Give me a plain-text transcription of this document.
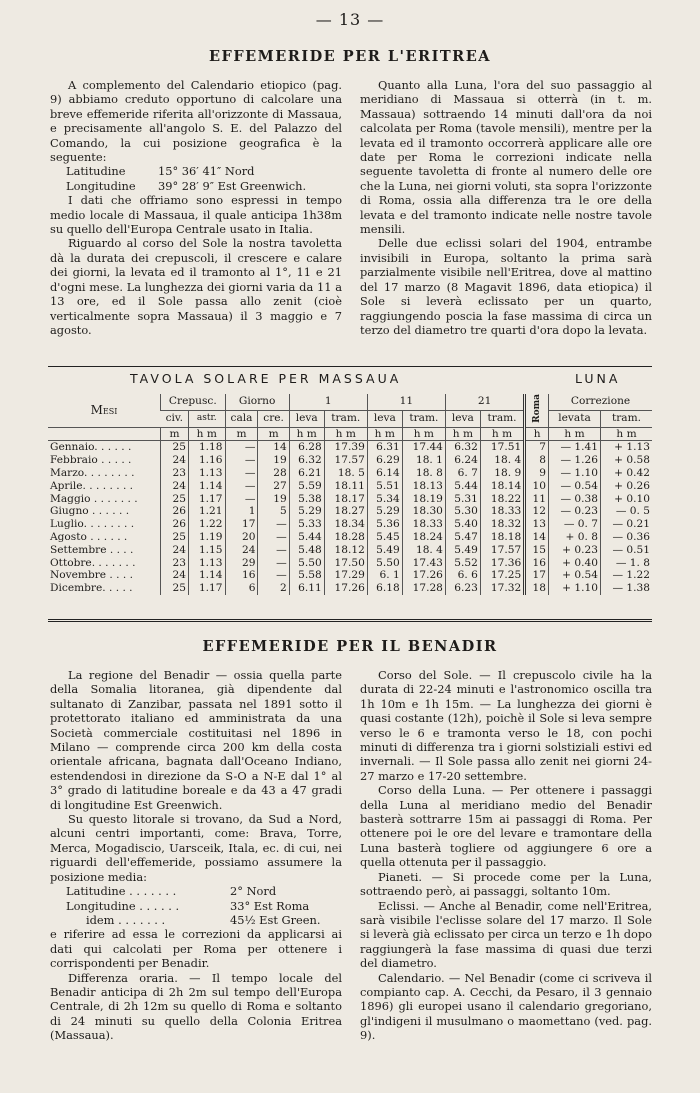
— 13 —
EFFEMERIDE PER L'ERITREA

A complemento del Calendario etiopico (pag. 9) abbiamo creduto opportuno di calcolare una breve effemeride riferita all'orizzonte di Massaua, e precisamente all'angolo S. E. del Palazzo del Comando, la cui posizione geografica è la seguente:

Latitudine	15° 36′ 41″ Nord

Longitudine 39° 28′ 9″ Est Greenwich.

I dati che offriamo sono espressi in tempo medio locale di Massaua, il quale anticipa 1h38m su quello dell'Europa Centrale usato in Italia.

Riguardo al corso del Sole la nostra tavoletta dà la durata dei crepuscoli, il crescere e calare dei giorni, la levata ed il tramonto al 1°, 11 e 21 d'ogni mese. La lunghezza dei giorni varia da 11 a 13 ore, ed il Sole passa allo zenit (cioè verticalmente sopra Massaua) il 3 maggio e 7 agosto.

Quanto alla Luna, l'ora del suo passaggio al meridiano di Massaua si otterrà (in t. m. Massaua) sottraendo 14 minuti dall'ora da noi calcolata per Roma (tavole mensili), mentre per la levata ed il tramonto occorrerà applicare alle ore date per Roma le correzioni indicate nella seguente tavoletta di fronte al numero delle ore che la Luna, nei giorni voluti, sta sopra l'orizzonte di Roma, ossia alla differenza tra le ore della levata e del tramonto indicate nelle nostre tavole mensili.

Delle due eclissi solari del 1904, entrambe invisibili in Europa, soltanto la prima sarà parzialmente visibile nell'Eritrea, dove al mattino del 17 marzo (8 Magavit 1896, data etiopica) il Sole si leverà eclissato per un quarto, raggiungendo poscia la fase massima di circa un terzo del diametro tre quarti d'ora dopo la levata.

TAVOLA SOLARE PER MASSAUA	LUNA
Mesi	Crepusc.		Giorno		1		11		21		Roma	Correzione	
	civ.	astr.	cala	cre.	leva	tram.	leva	tram.	leva	tram.		levata	tram.
	m	h m	m	m	h m	h m	h m	h m	h m	h m	h	h m	h m
Gennaio. . . . . .	25	1.18	—	14	6.28	17.39	6.31	17.44	6.32	17.51	7	— 1.41	+ 1.13
Febbraio . . . . .	24	1.16	—	19	6.32	17.57	6.29	18. 1	6.24	18. 4	8	— 1.26	+ 0.58
Marzo. . . . . . . .	23	1.13	—	28	6.21	18. 5	6.14	18. 8	6. 7	18. 9	9	— 1.10	+ 0.42
Aprile. . . . . . . .	24	1.14	—	27	5.59	18.11	5.51	18.13	5.44	18.14	10	— 0.54	+ 0.26
Maggio . . . . . . .	25	1.17	—	19	5.38	18.17	5.34	18.19	5.31	18.22	11	— 0.38	+ 0.10
Giugno . . . . . .	26	1.21	1	5	5.29	18.27	5.29	18.30	5.30	18.33	12	— 0.23	— 0. 5
Luglio. . . . . . . .	26	1.22	17	—	5.33	18.34	5.36	18.33	5.40	18.32	13	— 0. 7	— 0.21
Agosto . . . . . .	25	1.19	20	—	5.44	18.28	5.45	18.24	5.47	18.18	14	+ 0. 8	— 0.36
Settembre . . . .	24	1.15	24	—	5.48	18.12	5.49	18. 4	5.49	17.57	15	+ 0.23	— 0.51
Ottobre. . . . . . .	23	1.13	29	—	5.50	17.50	5.50	17.43	5.52	17.36	16	+ 0.40	— 1. 8
Novembre . . . .	24	1.14	16	—	5.58	17.29	6. 1	17.26	6. 6	17.25	17	+ 0.54	— 1.22
Dicembre. . . . .	25	1.17	6	2	6.11	17.26	6.18	17.28	6.23	17.32	18	+ 1.10	— 1.38
EFFEMERIDE PER IL BENADIR

La regione del Benadir — ossia quella parte della Somalia litoranea, già dipendente dal sultanato di Zanzibar, passata nel 1891 sotto il protettorato italiano ed amministrata da una Società commerciale costituitasi nel 1896 in Milano — comprende circa 200 km della costa orientale africana, bagnata dall'Oceano Indiano, estendendosi in direzione da S-O a N-E dal 1° al 3° grado di latitudine boreale e da 43 a 47 gradi di longitudine Est Greenwich.

Su questo litorale si trovano, da Sud a Nord, alcuni centri importanti, come: Brava, Torre, Merca, Mogadiscio, Uarsceik, Itala, ec. di cui, nei riguardi dell'effemeride, possiamo assumere la posizione media:

Latitudine . . . . . . .	2° Nord

Longitudine . . . . . .	33° Est Roma

idem . . . . . . .	45½ Est Green.

e riferire ad essa le correzioni da applicarsi ai dati qui calcolati per Roma per ottenere i corrispondenti per Benadir.

Differenza oraria. — Il tempo locale del Benadir anticipa di 2h 2m sul tempo dell'Europa Centrale, di 2h 12m su quello di Roma e soltanto di 24 minuti su quello della Colonia Eritrea (Massaua).

Corso del Sole. — Il crepuscolo civile ha la durata di 22-24 minuti e l'astronomico oscilla tra 1h 10m e 1h 15m. — La lunghezza dei giorni è quasi costante (12h), poichè il Sole si leva sempre verso le 6 e tramonta verso le 18, con pochi minuti di differenza tra i giorni solstiziali estivi ed invernali. — Il Sole passa allo zenit nei giorni 24-27 marzo e 17-20 settembre.

Corso della Luna. — Per ottenere i passaggi della Luna al meridiano medio del Benadir basterà sottrarre 15m ai passaggi di Roma. Per ottenere poi le ore del levare e tramontare della Luna basterà togliere od aggiungere 6 ore a quella ottenuta per il passaggio.

Pianeti. — Si procede come per la Luna, sottraendo però, ai passaggi, soltanto 10m.

Eclissi. — Anche al Benadir, come nell'Eritrea, sarà visibile l'eclisse solare del 17 marzo. Il Sole si leverà già eclissato per circa un terzo e 1h dopo raggiungerà la fase massima di quasi due terzi del diametro.

Calendario. — Nel Benadir (come ci scriveva il compianto cap. A. Cecchi, da Pesaro, il 3 gennaio 1896) gli europei usano il calendario gregoriano, gl'indigeni il musulmano o maomettano (ved. pag. 9).
